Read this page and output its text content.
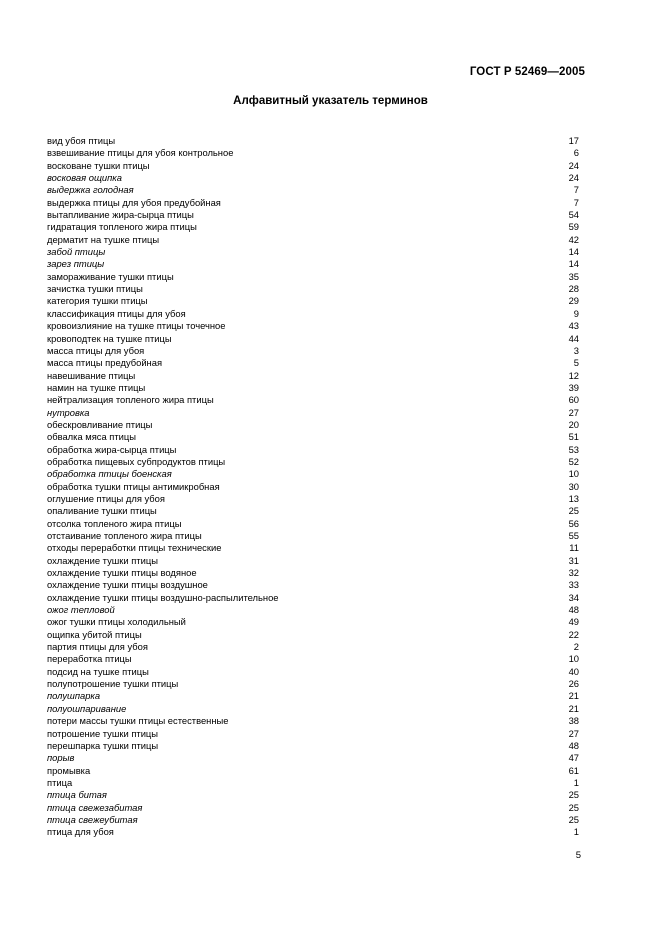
ГОСТ Р 52469—2005
Алфавитный указатель терминов
вид убоя птицы	17
взвешивание птицы для убоя контрольное	6
восковане тушки птицы	24
восковая ощипка	24
выдержка голодная	7
выдержка птицы для убоя предубойная	7
вытапливание жира-сырца птицы	54
гидратация топленого жира птицы	59
дерматит на тушке птицы	42
забой птицы	14
зарез птицы	14
замораживание тушки птицы	35
зачистка тушки птицы	28
категория тушки птицы	29
классификация птицы для убоя	9
кровоизлияние на тушке птицы точечное	43
кровоподтек на тушке птицы	44
масса птицы для убоя	3
масса птицы предубойная	5
навешивание птицы	12
намин на тушке птицы	39
нейтрализация топленого жира птицы	60
нутровка	27
обескровливание птицы	20
обвалка мяса птицы	51
обработка жира-сырца птицы	53
обработка пищевых субпродуктов птицы	52
обработка птицы боенская	10
обработка тушки птицы антимикробная	30
оглушение птицы для убоя	13
опаливание тушки птицы	25
отсолка топленого жира птицы	56
отстаивание топленого жира птицы	55
отходы переработки птицы технические	11
охлаждение тушки птицы	31
охлаждение тушки птицы водяное	32
охлаждение тушки птицы воздушное	33
охлаждение тушки птицы воздушно-распылительное	34
ожог тепловой	48
ожог тушки птицы холодильный	49
ощипка убитой птицы	22
партия птицы для убоя	2
переработка птицы	10
подсид на тушке птицы	40
полупотрошение тушки птицы	26
полушпарка	21
полуошпаривание	21
потери массы тушки птицы естественные	38
потрошение тушки птицы	27
перешпарка тушки птицы	48
порыв	47
промывка	61
птица	1
птица битая	25
птица свежезабитая	25
птица свежеубитая	25
птица для убоя	1
5
